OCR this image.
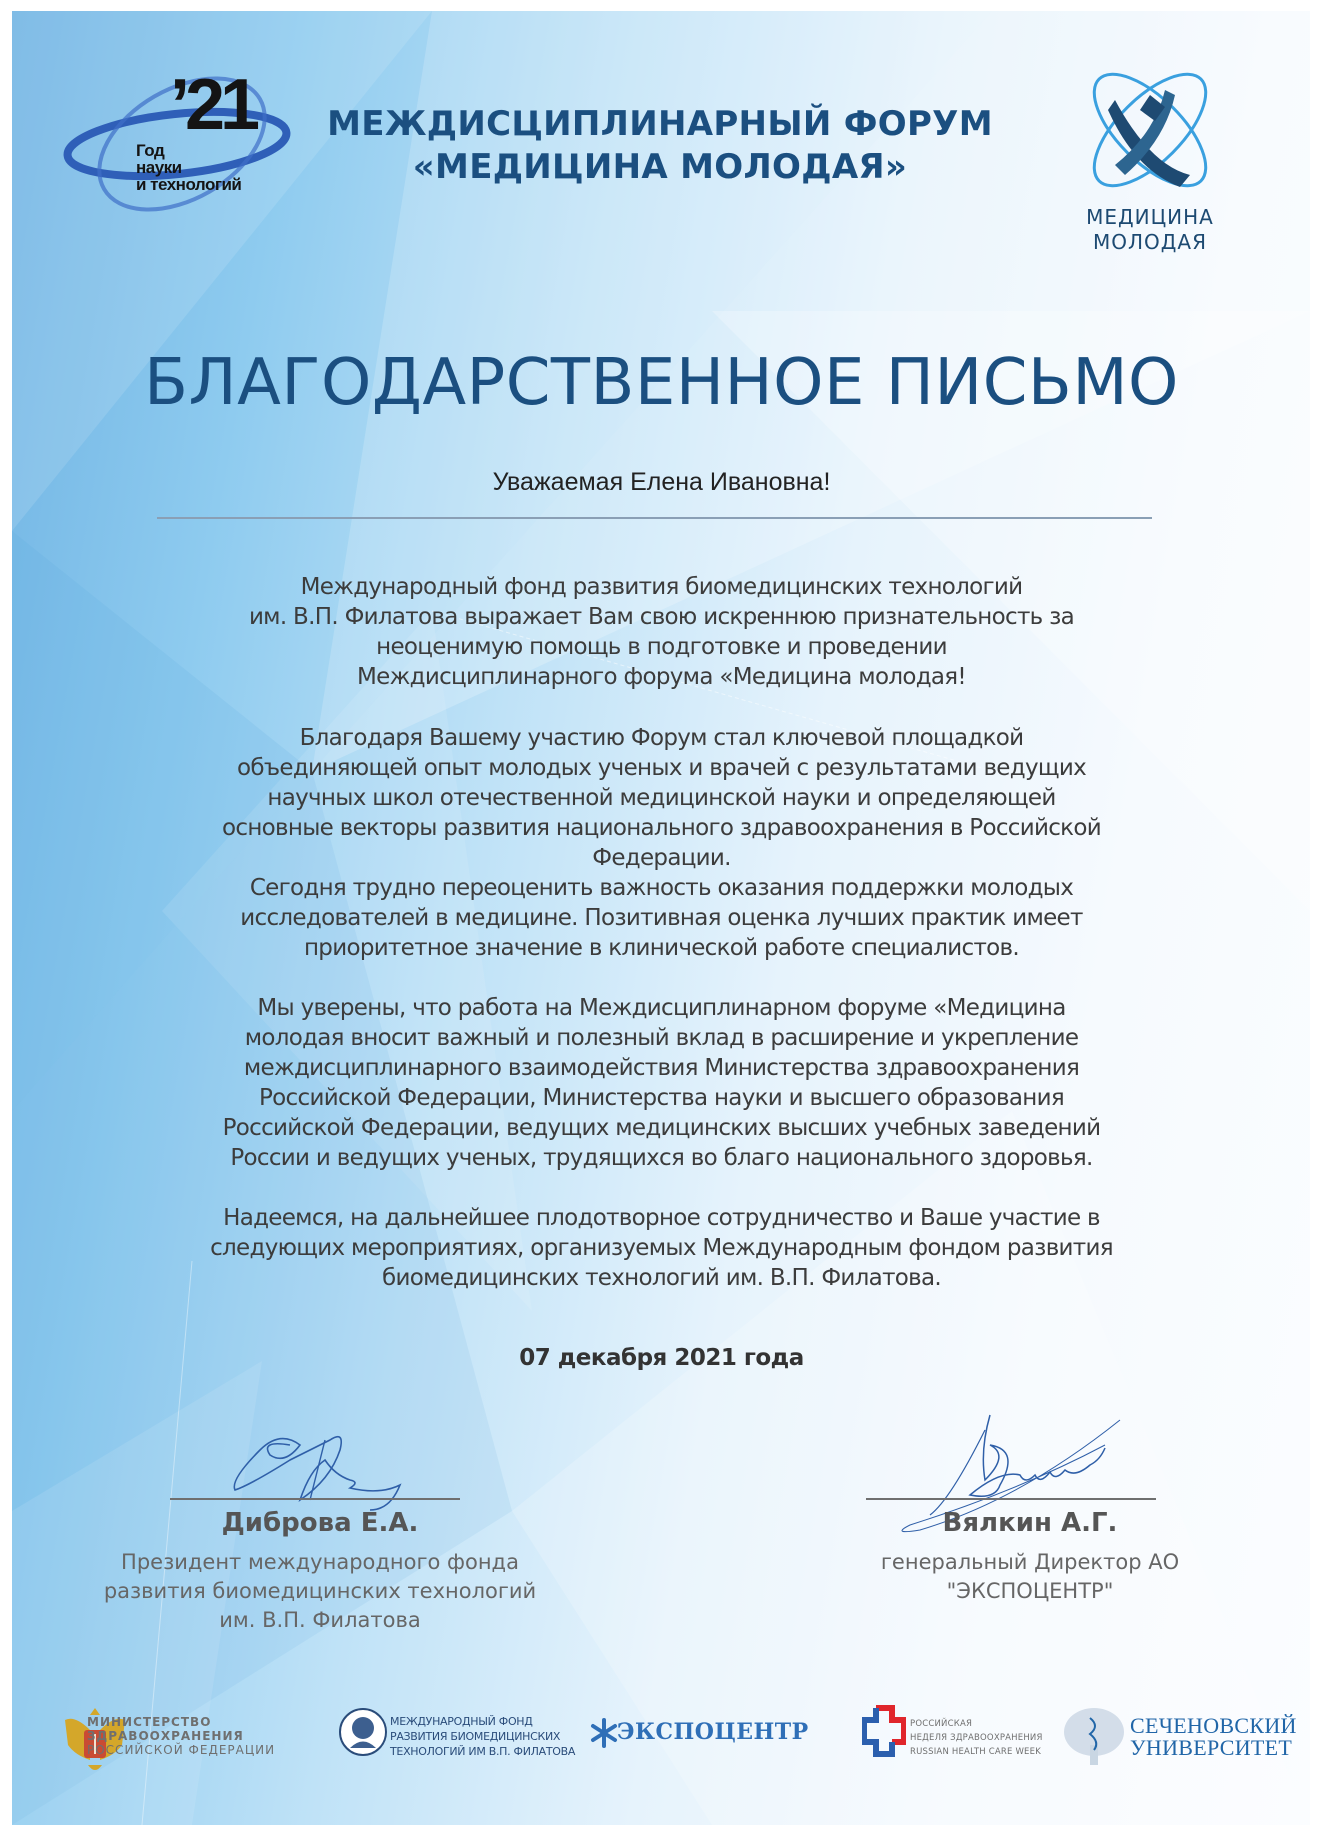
’21
Год
науки
и технологий
МЕЖДИСЦИПЛИНАРНЫЙ ФОРУМ
«МЕДИЦИНА МОЛОДАЯ»
МЕДИЦИНА
МОЛОДАЯ
БЛАГОДАРСТВЕННОЕ ПИСЬМО
Уважаемая Елена Ивановна!
Международный фонд развития биомедицинских технологий
им. В.П. Филатова выражает Вам свою искреннюю признательность за
неоценимую помощь в подготовке и проведении
Междисциплинарного форума «Медицина молодая!
Благодаря Вашему участию Форум стал ключевой площадкой
объединяющей опыт молодых ученых и врачей с результатами ведущих
научных школ отечественной медицинской науки и определяющей
основные векторы развития национального здравоохранения в Российской
Федерации.
Сегодня трудно переоценить важность оказания поддержки молодых
исследователей в медицине. Позитивная оценка лучших практик имеет
приоритетное значение в клинической работе специалистов.
Мы уверены, что работа на Междисциплинарном форуме «Медицина
молодая вносит важный и полезный вклад в расширение и укрепление
междисциплинарного взаимодействия Министерства здравоохранения
Российской Федерации, Министерства науки и высшего образования
Российской Федерации, ведущих медицинских высших учебных заведений
России и ведущих ученых, трудящихся во благо национального здоровья.
Надеемся, на дальнейшее плодотворное сотрудничество и Ваше участие в
следующих мероприятиях, организуемых Международным фондом развития
биомедицинских технологий им. В.П. Филатова.
07 декабря 2021 года
Диброва Е.А.
Президент международного фонда
развития биомедицинских технологий
им. В.П. Филатова
Вялкин А.Г.
генеральный Директор АО
"ЭКСПОЦЕНТР"
МИНИСТЕРСТВО
ЗДРАВООХРАНЕНИЯ
РОССИЙСКОЙ ФЕДЕРАЦИИ
МЕЖДУНАРОДНЫЙ ФОНД
РАЗВИТИЯ БИОМЕДИЦИНСКИХ
ТЕХНОЛОГИЙ ИМ В.П. ФИЛАТОВА
ЭКСПОЦЕНТР	РОССИЙСКАЯ
НЕДЕЛЯ ЗДРАВООХРАНЕНИЯ
RUSSIAN HEALTH CARE WEEK
СЕЧЕНОВСКИЙ
УНИВЕРСИТЕТ
